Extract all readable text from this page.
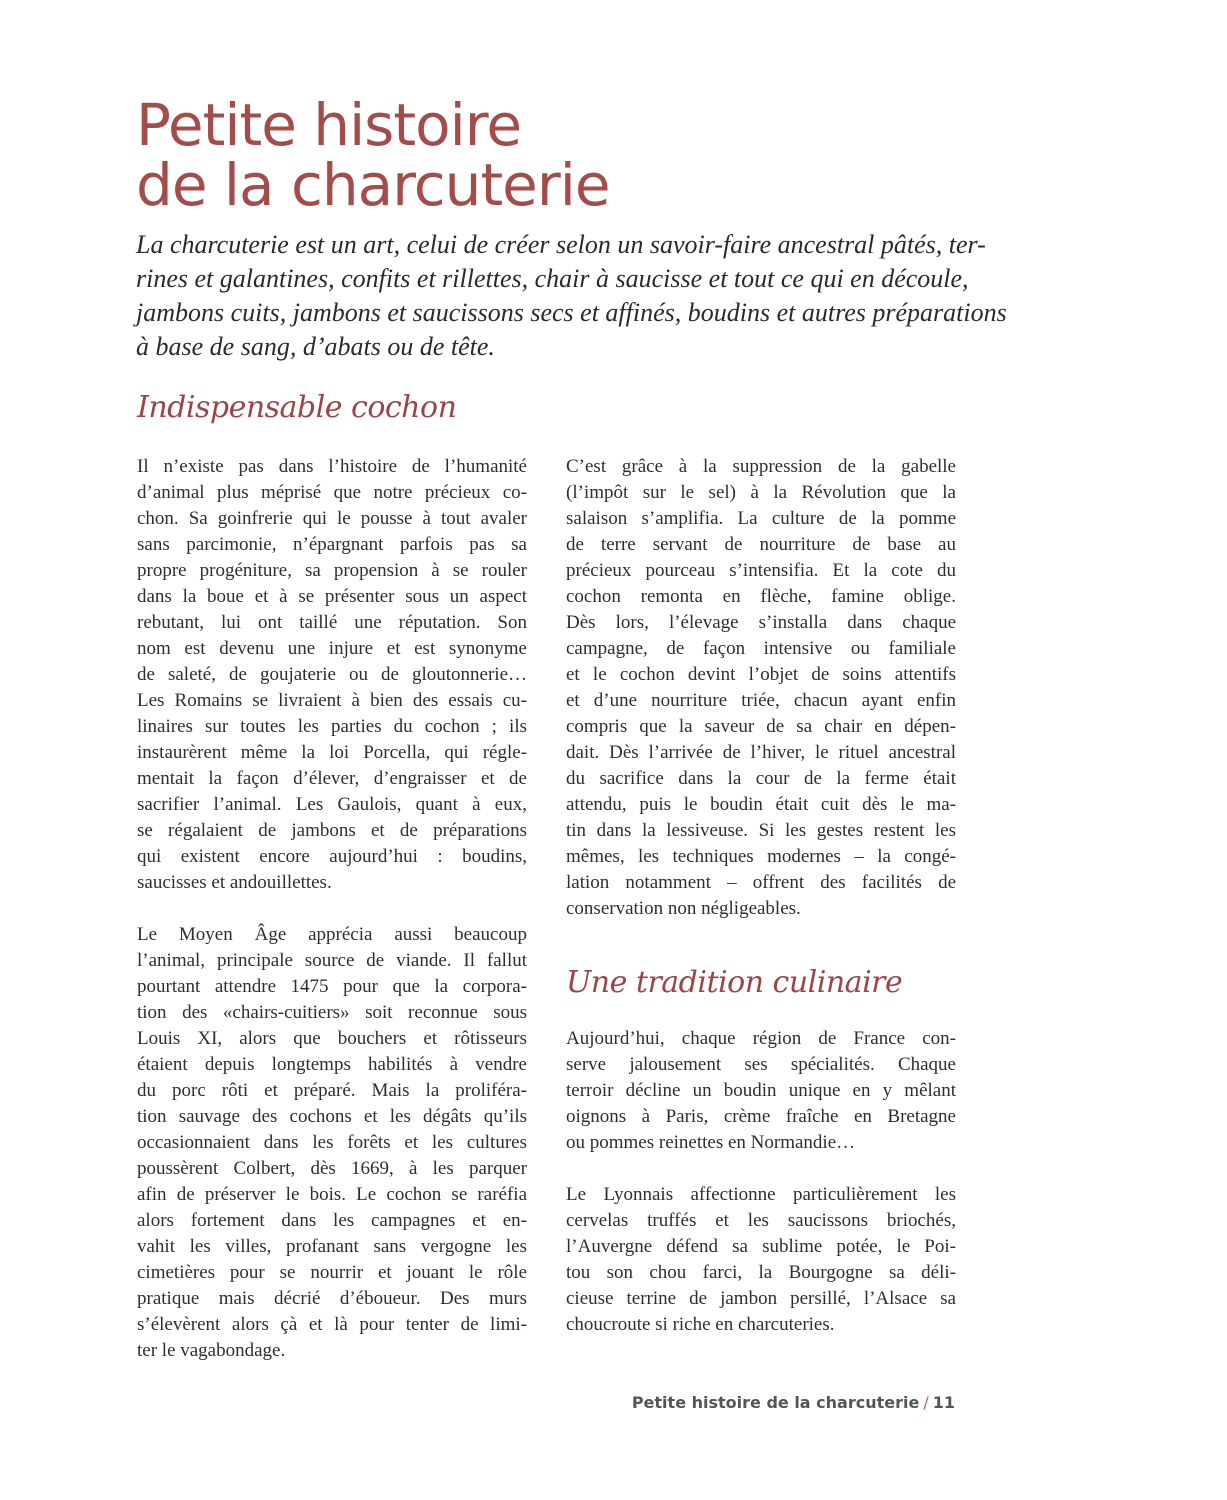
Petite histoire
de la charcuterie
La charcuterie est un art, celui de créer selon un savoir-faire ancestral pâtés, ter-
rines et galantines, confits et rillettes, chair à saucisse et tout ce qui en découle,
jambons cuits, jambons et saucissons secs et affinés, boudins et autres préparations
à base de sang, d’abats ou de tête.
Indispensable cochon

Il n’existe pas dans l’histoire de l’humanité
d’animal plus méprisé que notre précieux co-
chon. Sa goinfrerie qui le pousse à tout avaler
sans parcimonie, n’épargnant parfois pas sa
propre progéniture, sa propension à se rouler
dans la boue et à se présenter sous un aspect
rebutant, lui ont taillé une réputation. Son
nom est devenu une injure et est synonyme
de saleté, de goujaterie ou de gloutonnerie…
Les Romains se livraient à bien des essais cu-
linaires sur toutes les parties du cochon ; ils
instaurèrent même la loi Porcella, qui régle-
mentait la façon d’élever, d’engraisser et de
sacrifier l’animal. Les Gaulois, quant à eux,
se régalaient de jambons et de préparations
qui existent encore aujourd’hui : boudins,
saucisses et andouillettes.

Le Moyen Âge apprécia aussi beaucoup
l’animal, principale source de viande. Il fallut
pourtant attendre 1475 pour que la corpora-
tion des «chairs-cuitiers» soit reconnue sous
Louis XI, alors que bouchers et rôtisseurs
étaient depuis longtemps habilités à vendre
du porc rôti et préparé. Mais la proliféra-
tion sauvage des cochons et les dégâts qu’ils
occasionnaient dans les forêts et les cultures
poussèrent Colbert, dès 1669, à les parquer
afin de préserver le bois. Le cochon se raréfia
alors fortement dans les campagnes et en-
vahit les villes, profanant sans vergogne les
cimetières pour se nourrir et jouant le rôle
pratique mais décrié d’éboueur. Des murs
s’élevèrent alors çà et là pour tenter de limi-
ter le vagabondage.

C’est grâce à la suppression de la gabelle
(l’impôt sur le sel) à la Révolution que la
salaison s’amplifia. La culture de la pomme
de terre servant de nourriture de base au
précieux pourceau s’intensifia. Et la cote du
cochon remonta en flèche, famine oblige.
Dès lors, l’élevage s’installa dans chaque
campagne, de façon intensive ou familiale
et le cochon devint l’objet de soins attentifs
et d’une nourriture triée, chacun ayant enfin
compris que la saveur de sa chair en dépen-
dait. Dès l’arrivée de l’hiver, le rituel ancestral
du sacrifice dans la cour de la ferme était
attendu, puis le boudin était cuit dès le ma-
tin dans la lessiveuse. Si les gestes restent les
mêmes, les techniques modernes – la congé-
lation notamment – offrent des facilités de
conservation non négligeables.

Une tradition culinaire

Aujourd’hui, chaque région de France con-
serve jalousement ses spécialités. Chaque
terroir décline un boudin unique en y mêlant
oignons à Paris, crème fraîche en Bretagne
ou pommes reinettes en Normandie…

Le Lyonnais affectionne particulièrement les
cervelas truffés et les saucissons briochés,
l’Auvergne défend sa sublime potée, le Poi-
tou son chou farci, la Bourgogne sa déli-
cieuse terrine de jambon persillé, l’Alsace sa
choucroute si riche en charcuteries.

Petite histoire de la charcuterie / 11
